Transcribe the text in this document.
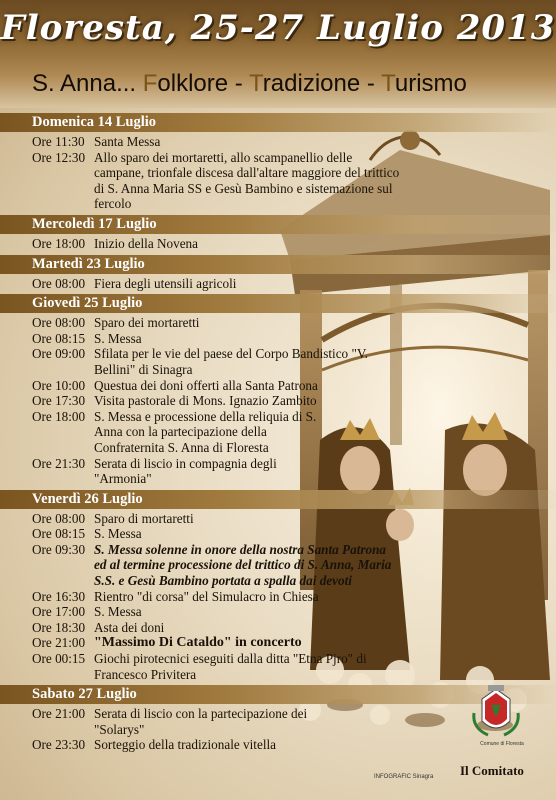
Floresta, 25-27 Luglio 2013
S. Anna... Folklore - Tradizione - Turismo
Domenica 14 Luglio
Ore 11:30 Santa Messa
Ore 12:30 Allo sparo dei mortaretti, allo scampanellio delle campane, trionfale discesa dall'altare maggiore del trittico di S. Anna Maria SS e Gesù Bambino e sistemazione sul fercolo
Mercoledì 17 Luglio
Ore 18:00 Inizio della Novena
Martedì 23 Luglio
Ore 08:00 Fiera degli utensili agricoli
Giovedì 25 Luglio
Ore 08:00 Sparo dei mortaretti
Ore 08:15 S. Messa
Ore 09:00 Sfilata per le vie del paese del Corpo Bandistico "V. Bellini" di Sinagra
Ore 10:00 Questua dei doni offerti alla Santa Patrona
Ore 17:30 Visita pastorale di Mons. Ignazio Zambito
Ore 18:00 S. Messa e processione della reliquia di S. Anna con la partecipazione della Confraternita S. Anna di Floresta
Ore 21:30 Serata di liscio in compagnia degli "Armonia"
Venerdì 26 Luglio
Ore 08:00 Sparo di mortaretti
Ore 08:15 S. Messa
Ore 09:30 S. Messa solenne in onore della nostra Santa Patrona ed al termine processione del trittico di S. Anna, Maria S.S. e Gesù Bambino portata a spalla dai devoti
Ore 16:30 Rientro "di corsa" del Simulacro in Chiesa
Ore 17:00 S. Messa
Ore 18:30 Asta dei doni
Ore 21:00 "Massimo Di Cataldo" in concerto
Ore 00:15 Giochi pirotecnici eseguiti dalla ditta "Etna Pjro" di Francesco Privitera
Sabato 27 Luglio
Ore 21:00 Serata di liscio con la partecipazione dei "Solarys"
Ore 23:30 Sorteggio della tradizionale vitella	Comune di Floresta
INFOGRAFIC Sinagra Il Comitato
